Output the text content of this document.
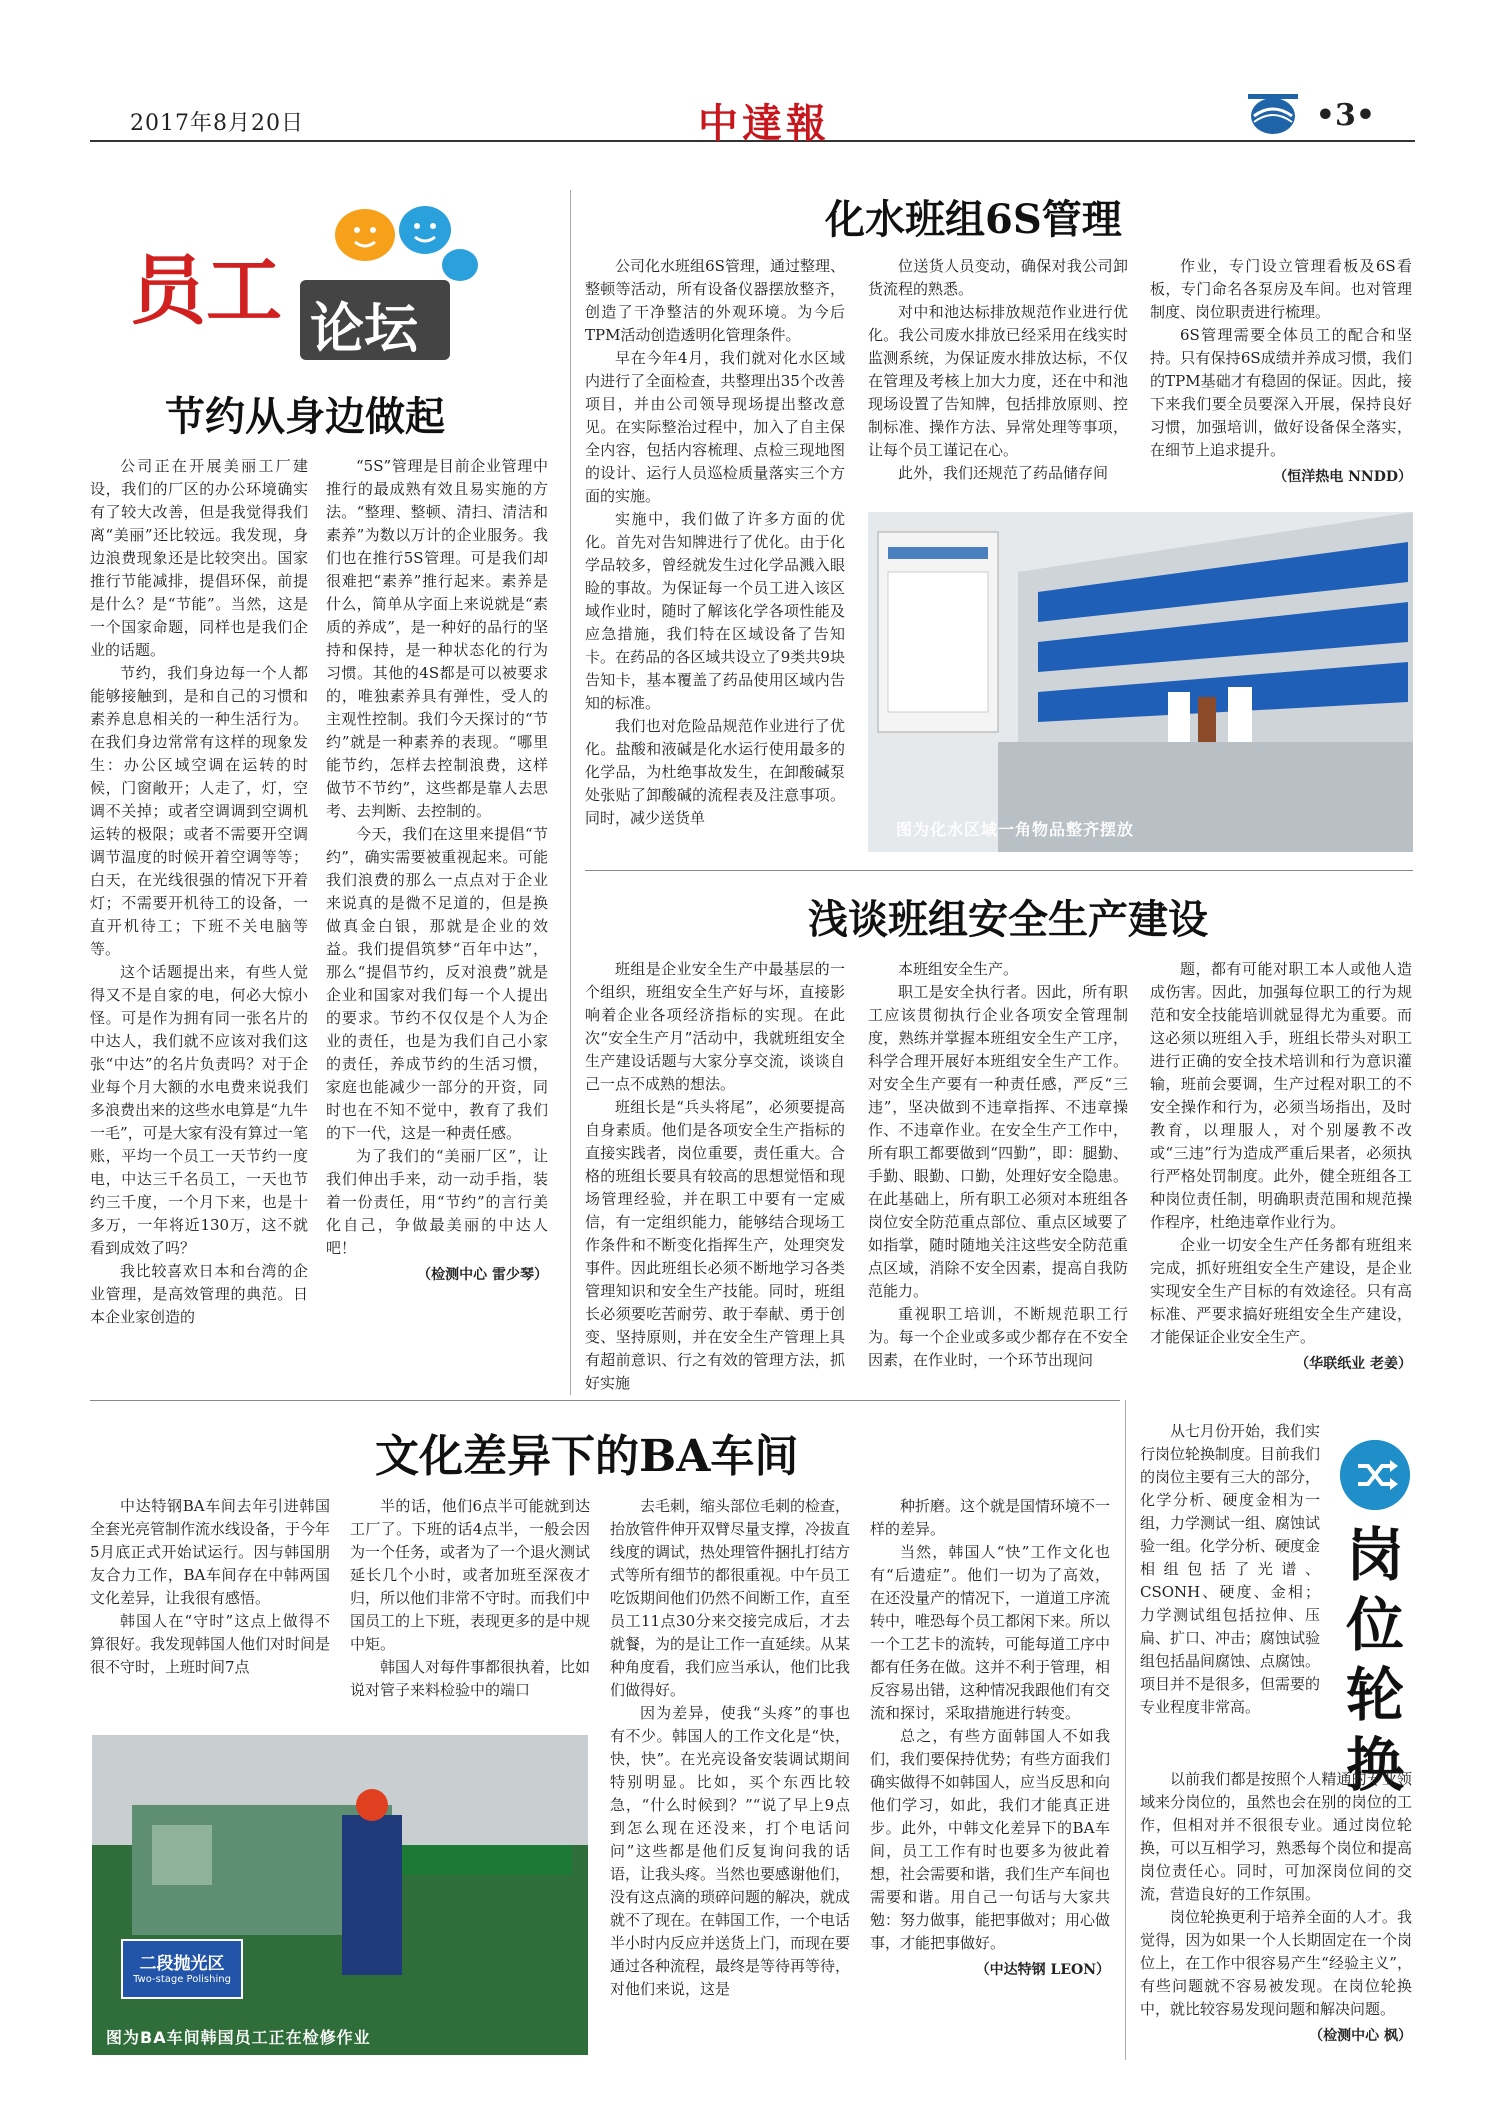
2017年8月20日	中達報	•3•
员工 论坛
节约从身边做起

公司正在开展美丽工厂建设，我们的厂区的办公环境确实有了较大改善，但是我觉得我们离“美丽”还比较远。我发现，身边浪费现象还是比较突出。国家推行节能减排，提倡环保，前提是什么？是“节能”。当然，这是一个国家命题，同样也是我们企业的话题。

节约，我们身边每一个人都能够接触到，是和自己的习惯和素养息息相关的一种生活行为。在我们身边常常有这样的现象发生：办公区域空调在运转的时候，门窗敞开；人走了，灯，空调不关掉；或者空调调到空调机运转的极限；或者不需要开空调调节温度的时候开着空调等等；白天，在光线很强的情况下开着灯；不需要开机待工的设备，一直开机待工；下班不关电脑等等。

这个话题提出来，有些人觉得又不是自家的电，何必大惊小怪。可是作为拥有同一张名片的中达人，我们就不应该对我们这张“中达”的名片负责吗？对于企业每个月大额的水电费来说我们多浪费出来的这些水电算是“九牛一毛”，可是大家有没有算过一笔账，平均一个员工一天节约一度电，中达三千名员工，一天也节约三千度，一个月下来，也是十多万，一年将近130万，这不就看到成效了吗？

我比较喜欢日本和台湾的企业管理，是高效管理的典范。日本企业家创造的

“5S”管理是目前企业管理中推行的最成熟有效且易实施的方法。“整理、整顿、清扫、清洁和素养”为数以万计的企业服务。我们也在推行5S管理。可是我们却很难把“素养”推行起来。素养是什么，简单从字面上来说就是“素质的养成”，是一种好的品行的坚持和保持，是一种状态化的行为习惯。其他的4S都是可以被要求的，唯独素养具有弹性，受人的主观性控制。我们今天探讨的“节约”就是一种素养的表现。“哪里能节约，怎样去控制浪费，这样做节不节约”，这些都是靠人去思考、去判断、去控制的。

今天，我们在这里来提倡“节约”，确实需要被重视起来。可能我们浪费的那么一点点对于企业来说真的是微不足道的，但是换做真金白银，那就是企业的效益。我们提倡筑梦“百年中达”，那么“提倡节约，反对浪费”就是企业和国家对我们每一个人提出的要求。节约不仅仅是个人为企业的责任，也是为我们自己小家的责任，养成节约的生活习惯，家庭也能减少一部分的开资，同时也在不知不觉中，教育了我们的下一代，这是一种责任感。

为了我们的“美丽厂区”，让我们伸出手来，动一动手指，装着一份责任，用“节约”的言行美化自己，争做最美丽的中达人吧！

（检测中心 雷少琴）
化水班组6S管理

公司化水班组6S管理，通过整理、整顿等活动，所有设备仪器摆放整齐，创造了干净整洁的外观环境。为今后TPM活动创造透明化管理条件。

早在今年4月，我们就对化水区域内进行了全面检查，共整理出35个改善项目，并由公司领导现场提出整改意见。在实际整治过程中，加入了自主保全内容，包括内容梳理、点检三现地图的设计、运行人员巡检质量落实三个方面的实施。

实施中，我们做了许多方面的优化。首先对告知牌进行了优化。由于化学品较多，曾经就发生过化学品溅入眼睑的事故。为保证每一个员工进入该区域作业时，随时了解该化学各项性能及应急措施，我们特在区域设备了告知卡。在药品的各区域共设立了9类共9块告知卡，基本覆盖了药品使用区域内告知的标准。

我们也对危险品规范作业进行了优化。盐酸和液碱是化水运行使用最多的化学品，为杜绝事故发生，在卸酸碱泵处张贴了卸酸碱的流程表及注意事项。同时，减少送货单

位送货人员变动，确保对我公司卸货流程的熟悉。

对中和池达标排放规范作业进行优化。我公司废水排放已经采用在线实时监测系统，为保证废水排放达标，不仅在管理及考核上加大力度，还在中和池现场设置了告知牌，包括排放原则、控制标准、操作方法、异常处理等事项，让每个员工谨记在心。

此外，我们还规范了药品储存间

作业，专门设立管理看板及6S看板，专门命名各泵房及车间。也对管理制度、岗位职责进行梳理。

6S管理需要全体员工的配合和坚持。只有保持6S成绩并养成习惯，我们的TPM基础才有稳固的保证。因此，接下来我们要全员要深入开展，保持良好习惯，加强培训，做好设备保全落实，在细节上追求提升。

（恒洋热电 NNDD）
图为化水区域一角物品整齐摆放
浅谈班组安全生产建设

班组是企业安全生产中最基层的一个组织，班组安全生产好与坏，直接影响着企业各项经济指标的实现。在此次“安全生产月”活动中，我就班组安全生产建设话题与大家分享交流，谈谈自己一点不成熟的想法。

班组长是“兵头将尾”，必须要提高自身素质。他们是各项安全生产指标的直接实践者，岗位重要，责任重大。合格的班组长要具有较高的思想觉悟和现场管理经验，并在职工中要有一定威信，有一定组织能力，能够结合现场工作条件和不断变化指挥生产，处理突发事件。因此班组长必须不断地学习各类管理知识和安全生产技能。同时，班组长必须要吃苦耐劳、敢于奉献、勇于创变、坚持原则，并在安全生产管理上具有超前意识、行之有效的管理方法，抓好实施

本班组安全生产。

职工是安全执行者。因此，所有职工应该贯彻执行企业各项安全管理制度，熟练并掌握本班组安全生产工序，科学合理开展好本班组安全生产工作。对安全生产要有一种责任感，严反“三违”，坚决做到不违章指挥、不违章操作、不违章作业。在安全生产工作中，所有职工都要做到“四勤”，即：腿勤、手勤、眼勤、口勤，处理好安全隐患。在此基础上，所有职工必须对本班组各岗位安全防范重点部位、重点区域要了如指掌，随时随地关注这些安全防范重点区域，消除不安全因素，提高自我防范能力。

重视职工培训，不断规范职工行为。每一个企业或多或少都存在不安全因素，在作业时，一个环节出现问

题，都有可能对职工本人或他人造成伤害。因此，加强每位职工的行为规范和安全技能培训就显得尤为重要。而这必须以班组入手，班组长带头对职工进行正确的安全技术培训和行为意识灌输，班前会要调，生产过程对职工的不安全操作和行为，必须当场指出，及时教育，以理服人，对个别屡教不改或“三违”行为造成严重后果者，必须执行严格处罚制度。此外，健全班组各工种岗位责任制，明确职责范围和规范操作程序，杜绝违章作业行为。

企业一切安全生产任务都有班组来完成，抓好班组安全生产建设，是企业实现安全生产目标的有效途径。只有高标准、严要求搞好班组安全生产建设，才能保证企业安全生产。

（华联纸业 老姜）
文化差异下的BA车间

中达特钢BA车间去年引进韩国全套光亮管制作流水线设备，于今年5月底正式开始试运行。因与韩国朋友合力工作，BA车间存在中韩两国文化差异，让我很有感悟。

韩国人在“守时”这点上做得不算很好。我发现韩国人他们对时间是很不守时，上班时间7点

半的话，他们6点半可能就到达工厂了。下班的话4点半，一般会因为一个任务，或者为了一个退火测试延长几个小时，或者加班至深夜才归，所以他们非常不守时。而我们中国员工的上下班，表现更多的是中规中矩。

韩国人对每件事都很执着，比如说对管子来料检验中的端口

去毛刺，缩头部位毛刺的检查，抬放管件伸开双臂尽量支撑，冷拔直线度的调试，热处理管件捆扎打结方式等所有细节的都很重视。中午员工吃饭期间他们仍然不间断工作，直至员工11点30分来交接完成后，才去就餐，为的是让工作一直延续。从某种角度看，我们应当承认，他们比我们做得好。

因为差异，使我“头疼”的事也有不少。韩国人的工作文化是“快，快，快”。在光亮设备安装调试期间特别明显。比如，买个东西比较急，“什么时候到？”“说了早上9点到怎么现在还没来，打个电话问问”这些都是他们反复询问我的话语，让我头疼。当然也要感谢他们，没有这点滴的琐碎问题的解决，就成就不了现在。在韩国工作，一个电话半小时内反应并送货上门，而现在要通过各种流程，最终是等待再等待，对他们来说，这是

种折磨。这个就是国情环境不一样的差异。

当然，韩国人“快”工作文化也有“后遗症”。他们一切为了高效，在还没量产的情况下，一道道工序流转中，唯恐每个员工都闲下来。所以一个工艺卡的流转，可能每道工序中都有任务在做。这并不利于管理，相反容易出错，这种情况我跟他们有交流和探讨，采取措施进行转变。

总之，有些方面韩国人不如我们，我们要保持优势；有些方面我们确实做得不如韩国人，应当反思和向他们学习，如此，我们才能真正进步。此外，中韩文化差异下的BA车间，员工工作有时也要多为彼此着想，社会需要和谐，我们生产车间也需要和谐。用自己一句话与大家共勉：努力做事，能把事做对；用心做事，才能把事做好。

（中达特钢 LEON）
二段抛光区
Two-stage Polishing
图为BA车间韩国员工正在检修作业
岗位轮换

从七月份开始，我们实行岗位轮换制度。目前我们的岗位主要有三大的部分，化学分析、硬度金相为一组，力学测试一组、腐蚀试验一组。化学分析、硬度金相组包括了光谱、CSONH、硬度、金相；力学测试组包括拉伸、压扁、扩口、冲击；腐蚀试验组包括晶间腐蚀、点腐蚀。项目并不是很多，但需要的专业程度非常高。

以前我们都是按照个人精通的专业领域来分岗位的，虽然也会在别的岗位的工作，但相对并不很很专业。通过岗位轮换，可以互相学习，熟悉每个岗位和提高岗位责任心。同时，可加深岗位间的交流，营造良好的工作氛围。

岗位轮换更利于培养全面的人才。我觉得，因为如果一个人长期固定在一个岗位上，在工作中很容易产生“经验主义”，有些问题就不容易被发现。在岗位轮换中，就比较容易发现问题和解决问题。

（检测中心 枫）
